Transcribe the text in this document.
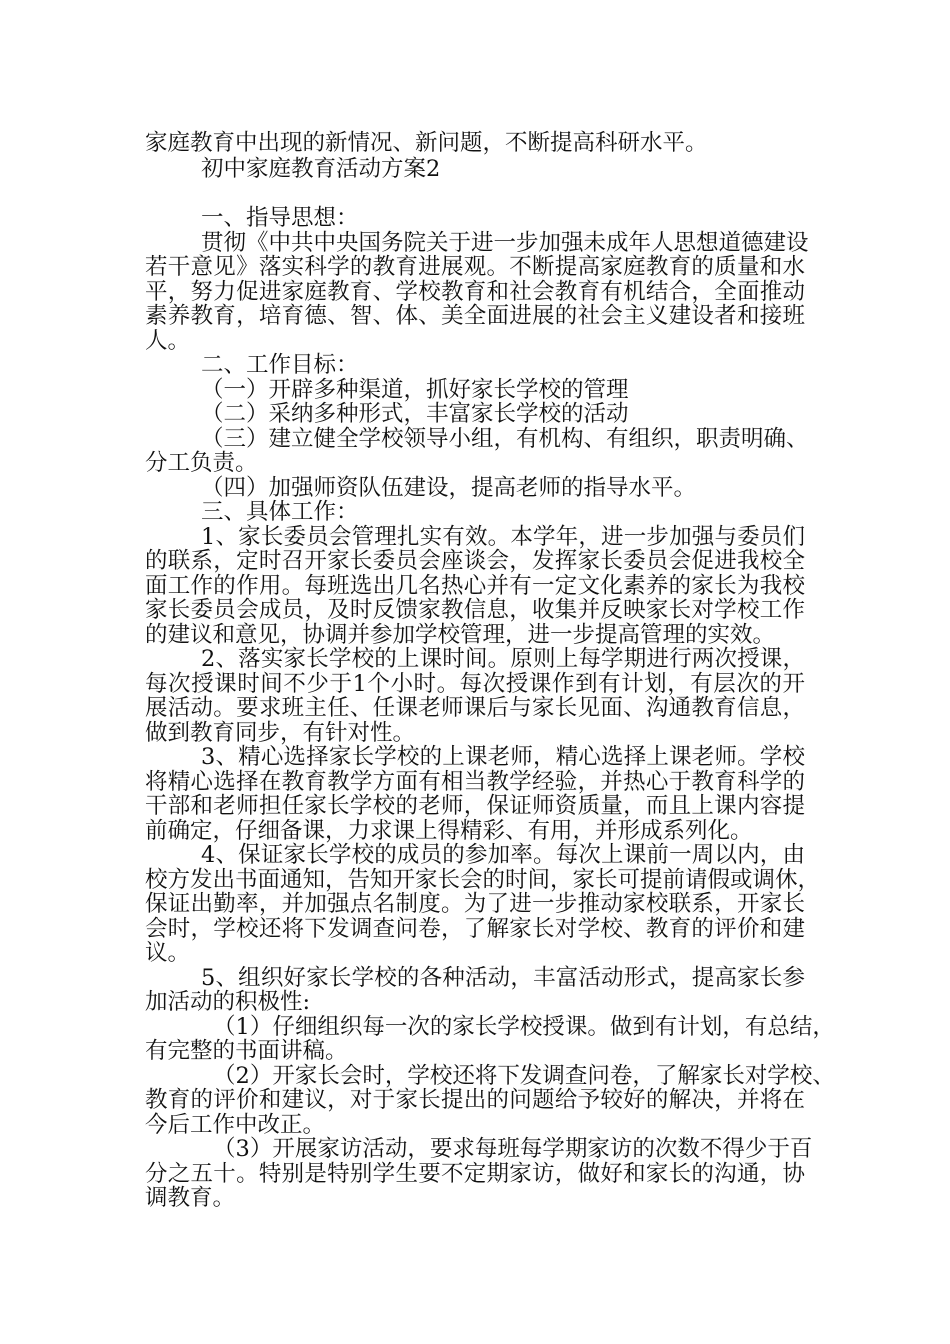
家庭教育中出现的新情况、新问题，不断提高科研水平。
初中家庭教育活动方案2
一、指导思想：
贯彻《中共中央国务院关于进一步加强未成年人思想道德建设
若干意见》落实科学的教育进展观。不断提高家庭教育的质量和水
平，努力促进家庭教育、学校教育和社会教育有机结合，全面推动
素养教育，培育德、智、体、美全面进展的社会主义建设者和接班
人。
二、工作目标：
（一）开辟多种渠道，抓好家长学校的管理
（二）采纳多种形式，丰富家长学校的活动
（三）建立健全学校领导小组，有机构、有组织，职责明确、
分工负责。
（四）加强师资队伍建设，提高老师的指导水平。
三、具体工作：
1、家长委员会管理扎实有效。本学年，进一步加强与委员们
的联系，定时召开家长委员会座谈会，发挥家长委员会促进我校全
面工作的作用。每班选出几名热心并有一定文化素养的家长为我校
家长委员会成员，及时反馈家教信息，收集并反映家长对学校工作
的建议和意见，协调并参加学校管理，进一步提高管理的实效。
2、落实家长学校的上课时间。原则上每学期进行两次授课，
每次授课时间不少于1个小时。每次授课作到有计划，有层次的开
展活动。要求班主任、任课老师课后与家长见面、沟通教育信息，
做到教育同步，有针对性。
3、精心选择家长学校的上课老师，精心选择上课老师。学校
将精心选择在教育教学方面有相当教学经验，并热心于教育科学的
干部和老师担任家长学校的老师，保证师资质量，而且上课内容提
前确定，仔细备课，力求课上得精彩、有用，并形成系列化。
4、保证家长学校的成员的参加率。每次上课前一周以内，由
校方发出书面通知，告知开家长会的时间，家长可提前请假或调休，
保证出勤率，并加强点名制度。为了进一步推动家校联系，开家长
会时，学校还将下发调查问卷，了解家长对学校、教育的评价和建
议。
5、组织好家长学校的各种活动，丰富活动形式，提高家长参
加活动的积极性:
（1）仔细组织每一次的家长学校授课。做到有计划，有总结，
有完整的书面讲稿。
（2）开家长会时，学校还将下发调查问卷，了解家长对学校、
教育的评价和建议，对于家长提出的问题给予较好的解决，并将在
今后工作中改正。
（3）开展家访活动，要求每班每学期家访的次数不得少于百
分之五十。特别是特别学生要不定期家访，做好和家长的沟通，协
调教育。
